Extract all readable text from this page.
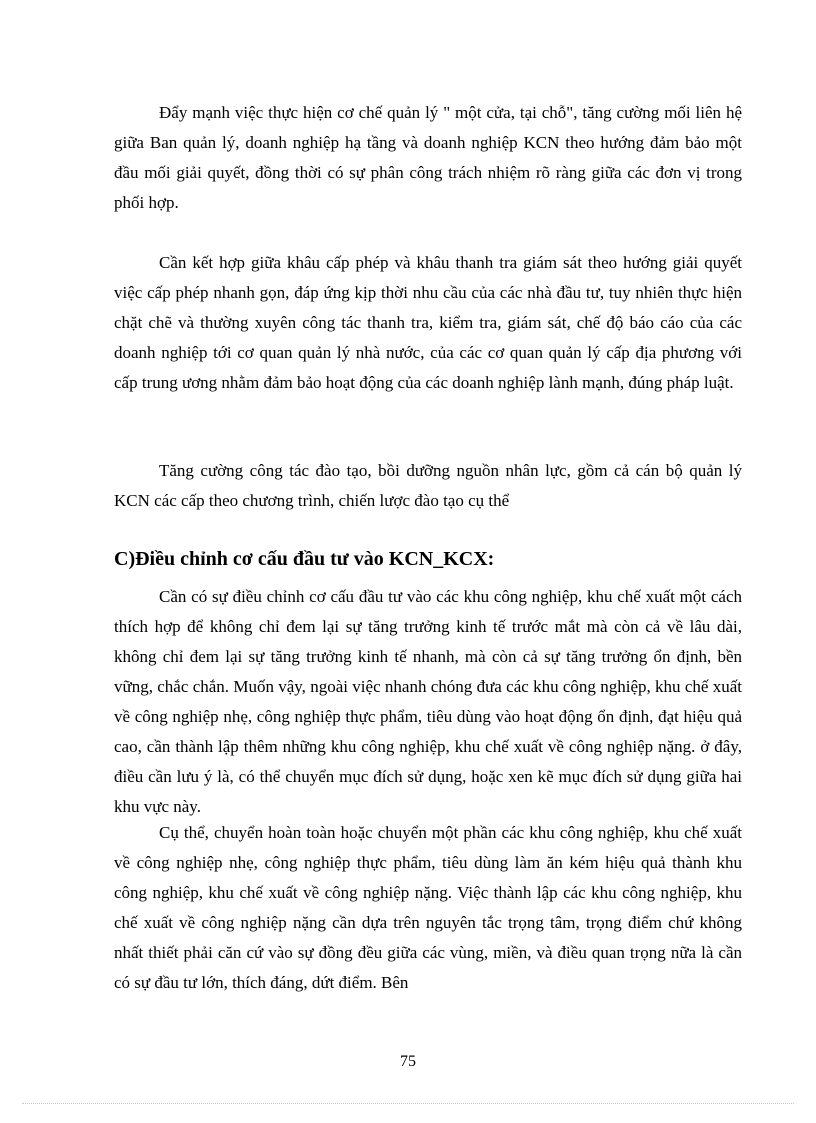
Đẩy mạnh việc thực hiện cơ chế quản lý " một cửa, tại chỗ", tăng cường mối liên hệ giữa Ban quản lý, doanh nghiệp hạ tầng và doanh nghiệp KCN theo hướng đảm bảo một đầu mối giải quyết, đồng thời có sự phân công trách nhiệm rõ ràng giữa các đơn vị trong phối hợp.

Cần kết hợp giữa khâu cấp phép và khâu thanh tra giám sát theo hướng giải quyết việc cấp phép nhanh gọn, đáp ứng kịp thời nhu cầu của các nhà đầu tư, tuy nhiên thực hiện chặt chẽ và thường xuyên công tác thanh tra, kiểm tra, giám sát, chế độ báo cáo của các doanh nghiệp tới cơ quan quản lý nhà nước, của các cơ quan quản lý cấp địa phương với cấp trung ương nhằm đảm bảo hoạt động của các doanh nghiệp lành mạnh, đúng pháp luật.

Tăng cường công tác đào tạo, bồi dưỡng nguồn nhân lực, gồm cả cán bộ quản lý KCN các cấp theo chương trình, chiến lược đào tạo cụ thể

C)Điều chỉnh cơ cấu đầu tư vào KCN_KCX:

Cần có sự điều chỉnh cơ cấu đầu tư vào các khu công nghiệp, khu chế xuất một cách thích hợp để không chỉ đem lại sự tăng trưởng kinh tế trước mắt mà còn cả về lâu dài, không chỉ đem lại sự tăng trưởng kinh tế nhanh, mà còn cả sự tăng trưởng ổn định, bền vững, chắc chắn. Muốn vậy, ngoài việc nhanh chóng đưa các khu công nghiệp, khu chế xuất về công nghiệp nhẹ, công nghiệp thực phẩm, tiêu dùng vào hoạt động ổn định, đạt hiệu quả cao, cần thành lập thêm những khu công nghiệp, khu chế xuất về công nghiệp nặng. ở đây, điều cần lưu ý là, có thể chuyển mục đích sử dụng, hoặc xen kẽ mục đích sử dụng giữa hai khu vực này.

Cụ thể, chuyển hoàn toàn hoặc chuyển một phần các khu công nghiệp, khu chế xuất về công nghiệp nhẹ, công nghiệp thực phẩm, tiêu dùng làm ăn kém hiệu quả thành khu công nghiệp, khu chế xuất về công nghiệp nặng. Việc thành lập các khu công nghiệp, khu chế xuất về công nghiệp nặng cần dựa trên nguyên tắc trọng tâm, trọng điểm chứ không nhất thiết phải căn cứ vào sự đồng đều giữa các vùng, miền, và điều quan trọng nữa là cần có sự đầu tư lớn, thích đáng, dứt điểm. Bên

75
